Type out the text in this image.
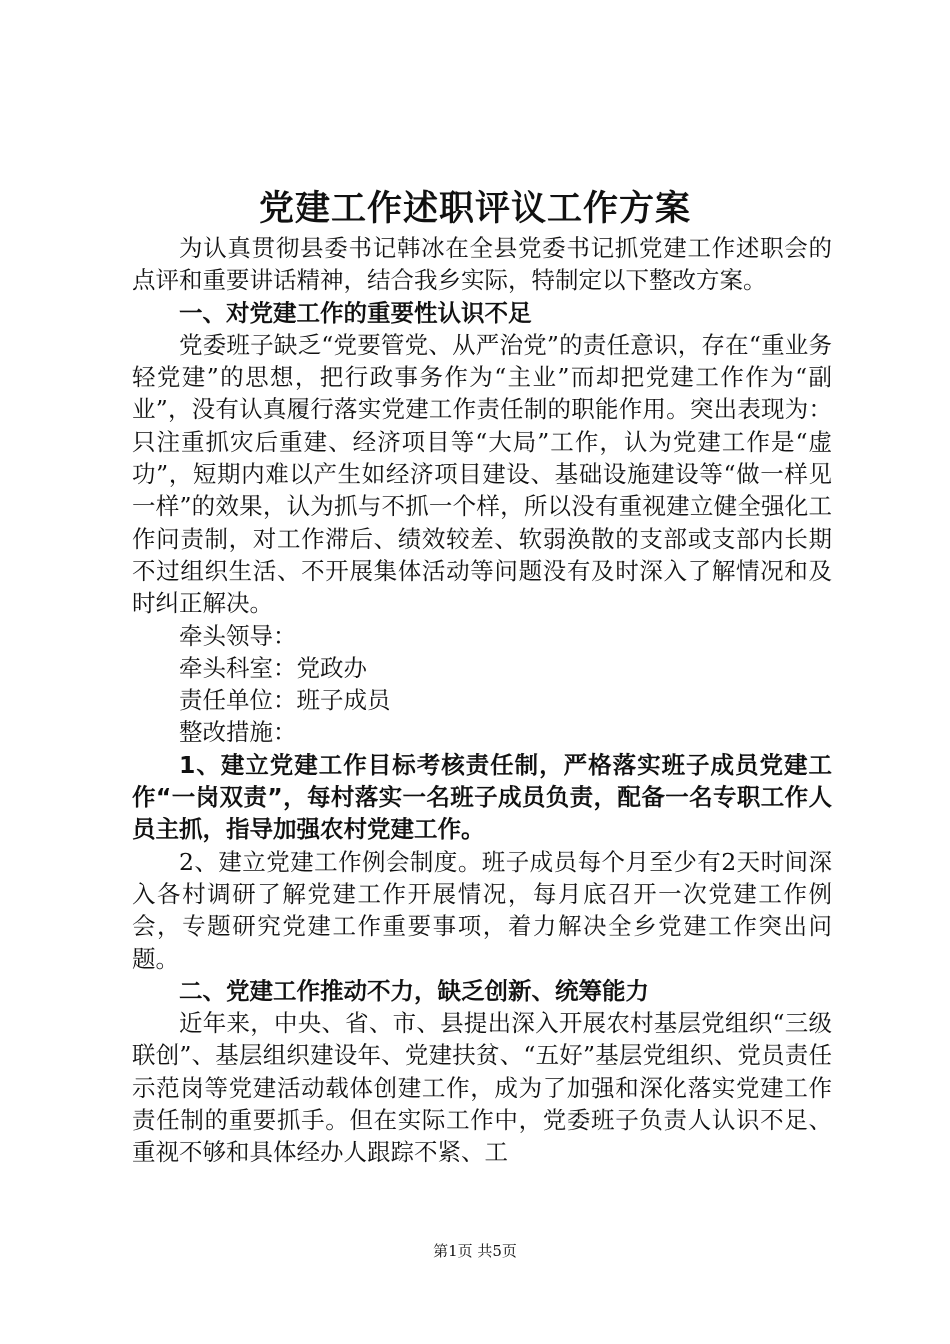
党建工作述职评议工作方案

为认真贯彻县委书记韩冰在全县党委书记抓党建工作述职会的点评和重要讲话精神，结合我乡实际，特制定以下整改方案。

一、对党建工作的重要性认识不足

党委班子缺乏“党要管党、从严治党”的责任意识，存在“重业务轻党建”的思想，把行政事务作为“主业”而却把党建工作作为“副业”，没有认真履行落实党建工作责任制的职能作用。突出表现为：只注重抓灾后重建、经济项目等“大局”工作，认为党建工作是“虚功”，短期内难以产生如经济项目建设、基础设施建设等“做一样见一样”的效果，认为抓与不抓一个样，所以没有重视建立健全强化工作问责制，对工作滞后、绩效较差、软弱涣散的支部或支部内长期不过组织生活、不开展集体活动等问题没有及时深入了解情况和及时纠正解决。

牵头领导：

牵头科室：党政办

责任单位：班子成员

整改措施：

1、建立党建工作目标考核责任制，严格落实班子成员党建工作“一岗双责”，每村落实一名班子成员负责，配备一名专职工作人员主抓，指导加强农村党建工作。

2、建立党建工作例会制度。班子成员每个月至少有2天时间深入各村调研了解党建工作开展情况，每月底召开一次党建工作例会，专题研究党建工作重要事项，着力解决全乡党建工作突出问题。

二、党建工作推动不力，缺乏创新、统筹能力

近年来，中央、省、市、县提出深入开展农村基层党组织“三级联创”、基层组织建设年、党建扶贫、“五好”基层党组织、党员责任示范岗等党建活动载体创建工作，成为了加强和深化落实党建工作责任制的重要抓手。但在实际工作中，党委班子负责人认识不足、重视不够和具体经办人跟踪不紧、工

第1页 共5页
